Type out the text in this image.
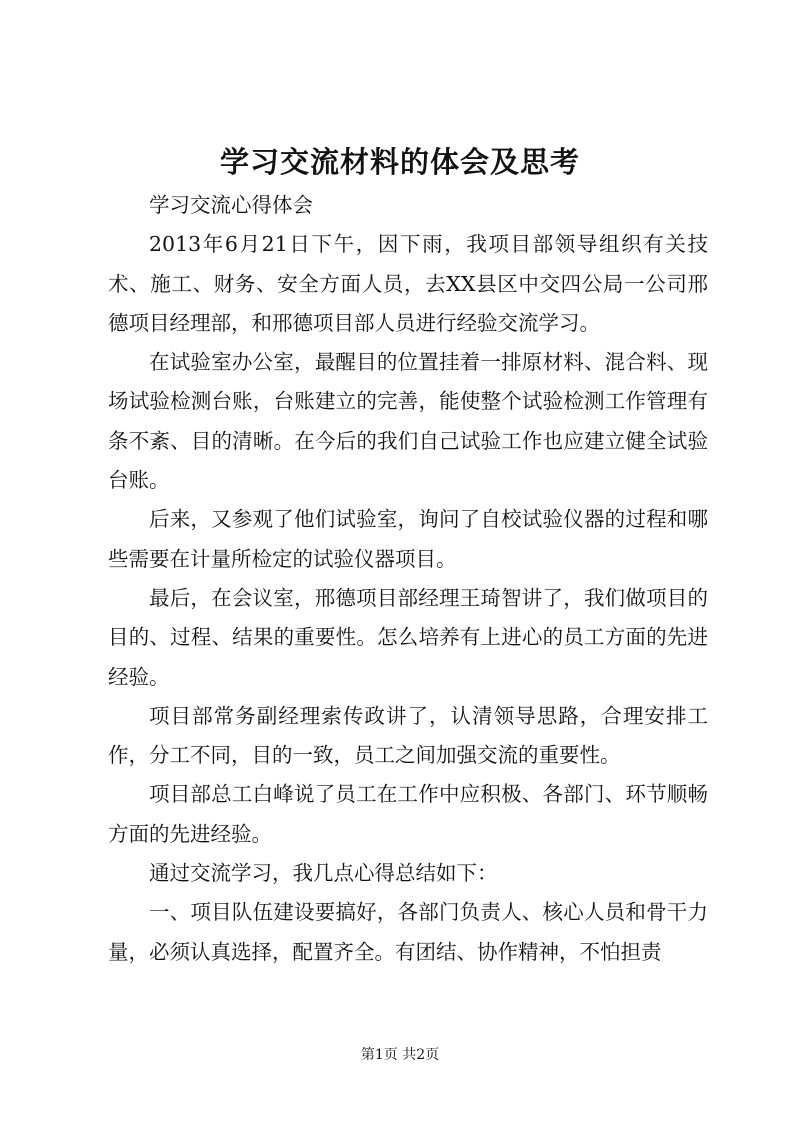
学习交流材料的体会及思考

学习交流心得体会

2013年6月21日下午，因下雨，我项目部领导组织有关技术、施工、财务、安全方面人员，去XX县区中交四公局一公司邢德项目经理部，和邢德项目部人员进行经验交流学习。

在试验室办公室，最醒目的位置挂着一排原材料、混合料、现场试验检测台账，台账建立的完善，能使整个试验检测工作管理有条不紊、目的清晰。在今后的我们自己试验工作也应建立健全试验台账。

后来，又参观了他们试验室，询问了自校试验仪器的过程和哪些需要在计量所检定的试验仪器项目。

最后，在会议室，邢德项目部经理王琦智讲了，我们做项目的目的、过程、结果的重要性。怎么培养有上进心的员工方面的先进经验。

项目部常务副经理索传政讲了，认清领导思路，合理安排工作，分工不同，目的一致，员工之间加强交流的重要性。

项目部总工白峰说了员工在工作中应积极、各部门、环节顺畅方面的先进经验。

通过交流学习，我几点心得总结如下：

一、项目队伍建设要搞好，各部门负责人、核心人员和骨干力量，必须认真选择，配置齐全。有团结、协作精神，不怕担责

第1页 共2页
